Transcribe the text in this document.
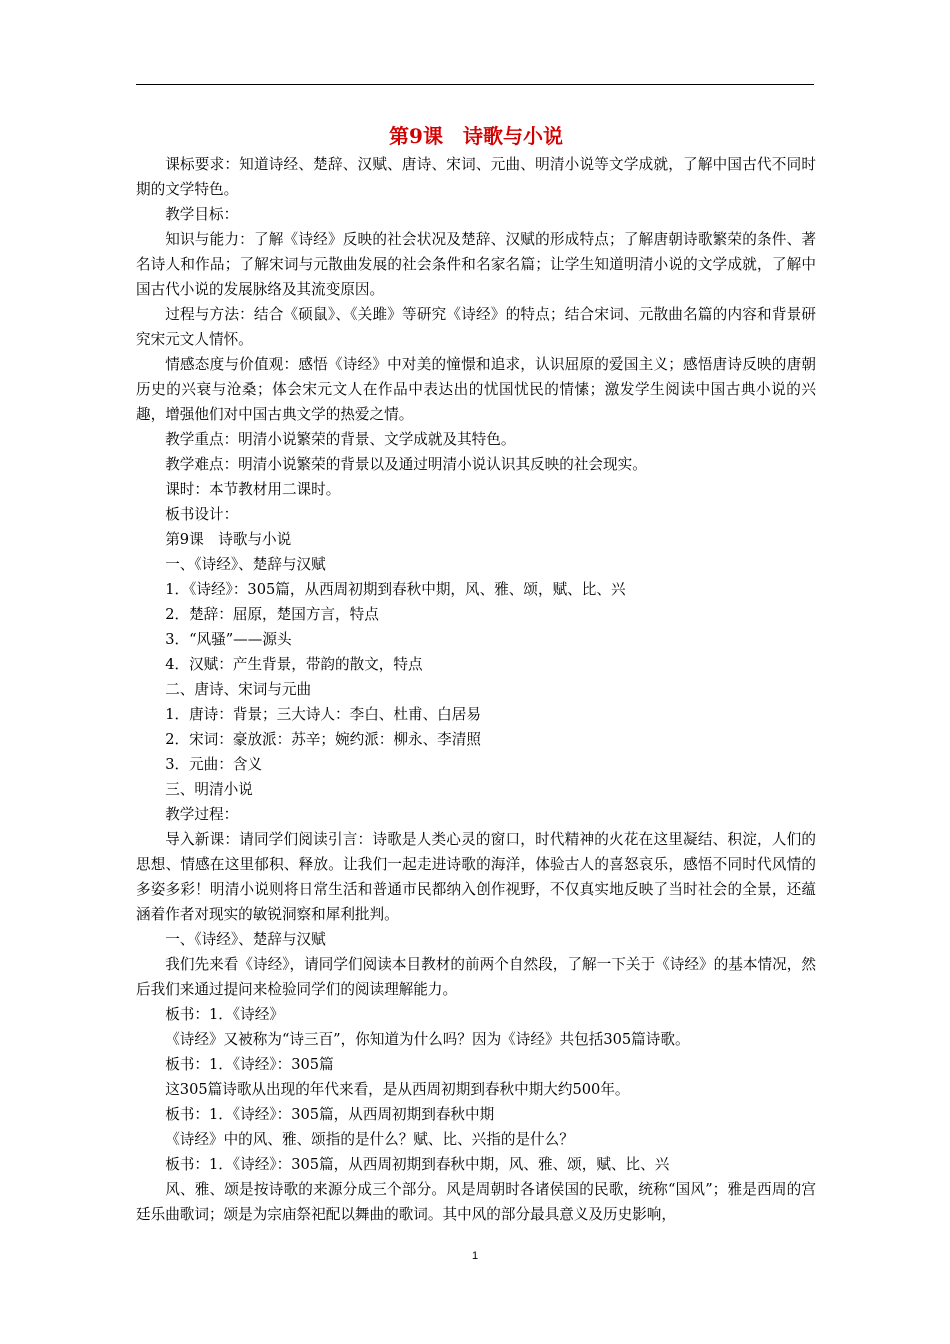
第9课　诗歌与小说

课标要求：知道诗经、楚辞、汉赋、唐诗、宋词、元曲、明清小说等文学成就，了解中国古代不同时期的文学特色。

教学目标：

知识与能力：了解《诗经》反映的社会状况及楚辞、汉赋的形成特点；了解唐朝诗歌繁荣的条件、著名诗人和作品；了解宋词与元散曲发展的社会条件和名家名篇；让学生知道明清小说的文学成就，了解中国古代小说的发展脉络及其流变原因。

过程与方法：结合《硕鼠》、《关雎》等研究《诗经》的特点；结合宋词、元散曲名篇的内容和背景研究宋元文人情怀。

情感态度与价值观：感悟《诗经》中对美的憧憬和追求，认识屈原的爱国主义；感悟唐诗反映的唐朝历史的兴衰与沧桑；体会宋元文人在作品中表达出的忧国忧民的情愫；激发学生阅读中国古典小说的兴趣，增强他们对中国古典文学的热爱之情。

教学重点：明清小说繁荣的背景、文学成就及其特色。

教学难点：明清小说繁荣的背景以及通过明清小说认识其反映的社会现实。

课时：本节教材用二课时。

板书设计：

第9课　诗歌与小说

一、《诗经》、楚辞与汉赋

1．《诗经》：305篇，从西周初期到春秋中期，风、雅、颂，赋、比、兴

2．楚辞：屈原，楚国方言，特点

3．“风骚”——源头

4．汉赋：产生背景，带韵的散文，特点

二、唐诗、宋词与元曲

1．唐诗：背景；三大诗人：李白、杜甫、白居易

2．宋词：豪放派：苏辛；婉约派：柳永、李清照

3．元曲：含义

三、明清小说

教学过程：

导入新课：请同学们阅读引言：诗歌是人类心灵的窗口，时代精神的火花在这里凝结、积淀，人们的思想、情感在这里郁积、释放。让我们一起走进诗歌的海洋，体验古人的喜怒哀乐，感悟不同时代风情的多姿多彩！明清小说则将日常生活和普通市民都纳入创作视野，不仅真实地反映了当时社会的全景，还蕴涵着作者对现实的敏锐洞察和犀利批判。

一、《诗经》、楚辞与汉赋

我们先来看《诗经》，请同学们阅读本目教材的前两个自然段，了解一下关于《诗经》的基本情况，然后我们来通过提问来检验同学们的阅读理解能力。

板书：1．《诗经》

《诗经》又被称为“诗三百”，你知道为什么吗？因为《诗经》共包括305篇诗歌。

板书：1．《诗经》：305篇

这305篇诗歌从出现的年代来看，是从西周初期到春秋中期大约500年。

板书：1．《诗经》：305篇，从西周初期到春秋中期

《诗经》中的风、雅、颂指的是什么？赋、比、兴指的是什么？

板书：1．《诗经》：305篇，从西周初期到春秋中期，风、雅、颂，赋、比、兴

风、雅、颂是按诗歌的来源分成三个部分。风是周朝时各诸侯国的民歌，统称“国风”；雅是西周的宫廷乐曲歌词；颂是为宗庙祭祀配以舞曲的歌词。其中风的部分最具意义及历史影响，

1
